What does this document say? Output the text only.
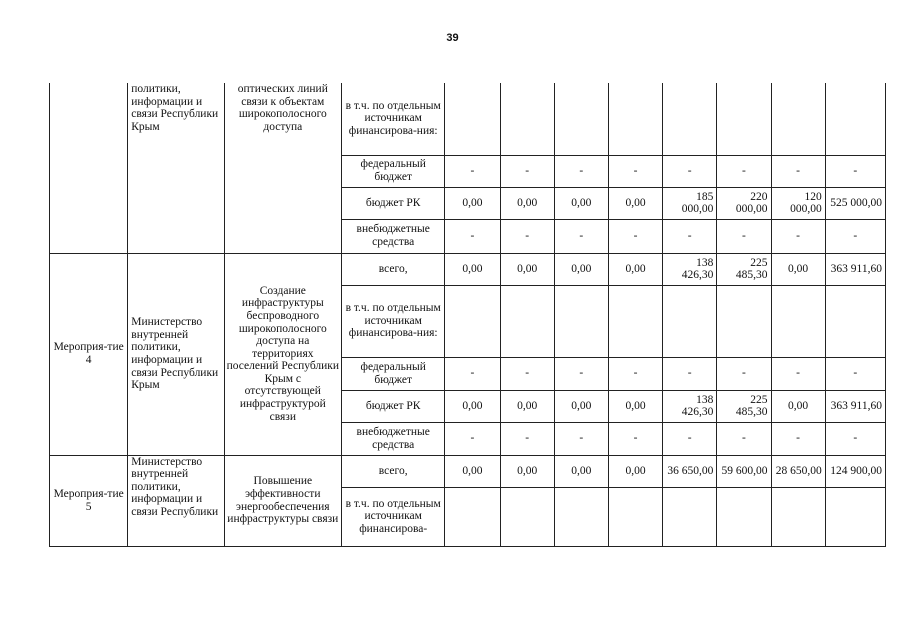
39
	политики, информации и связи Республики Крым	оптических линий связи к объектам широкополосного доступа	в т.ч. по отдельным источникам финансирова-ния:								
			федеральный бюджет	-	-	-	-	-	-	-	-
			бюджет РК	0,00	0,00	0,00	0,00	185 000,00	220 000,00	120 000,00	525 000,00
			внебюджетные средства	-	-	-	-	-	-	-	-
Мероприя-тие 4	Министерство внутренней политики, информации и связи Республики Крым	Создание инфраструктуры беспроводного широкополосного доступа на территориях поселений Республики Крым с отсутствующей инфраструктурой связи	всего,	0,00	0,00	0,00	0,00	138 426,30	225 485,30	0,00	363 911,60
			в т.ч. по отдельным источникам финансирова-ния:								
			федеральный бюджет	-	-	-	-	-	-	-	-
			бюджет РК	0,00	0,00	0,00	0,00	138 426,30	225 485,30	0,00	363 911,60
			внебюджетные средства	-	-	-	-	-	-	-	-
Мероприя-тие 5	Министерство внутренней политики, информации и связи Республики	Повышение эффективности энергообеспечения инфраструктуры связи	всего,	0,00	0,00	0,00	0,00	36 650,00	59 600,00	28 650,00	124 900,00
			в т.ч. по отдельным источникам финансирова-								
